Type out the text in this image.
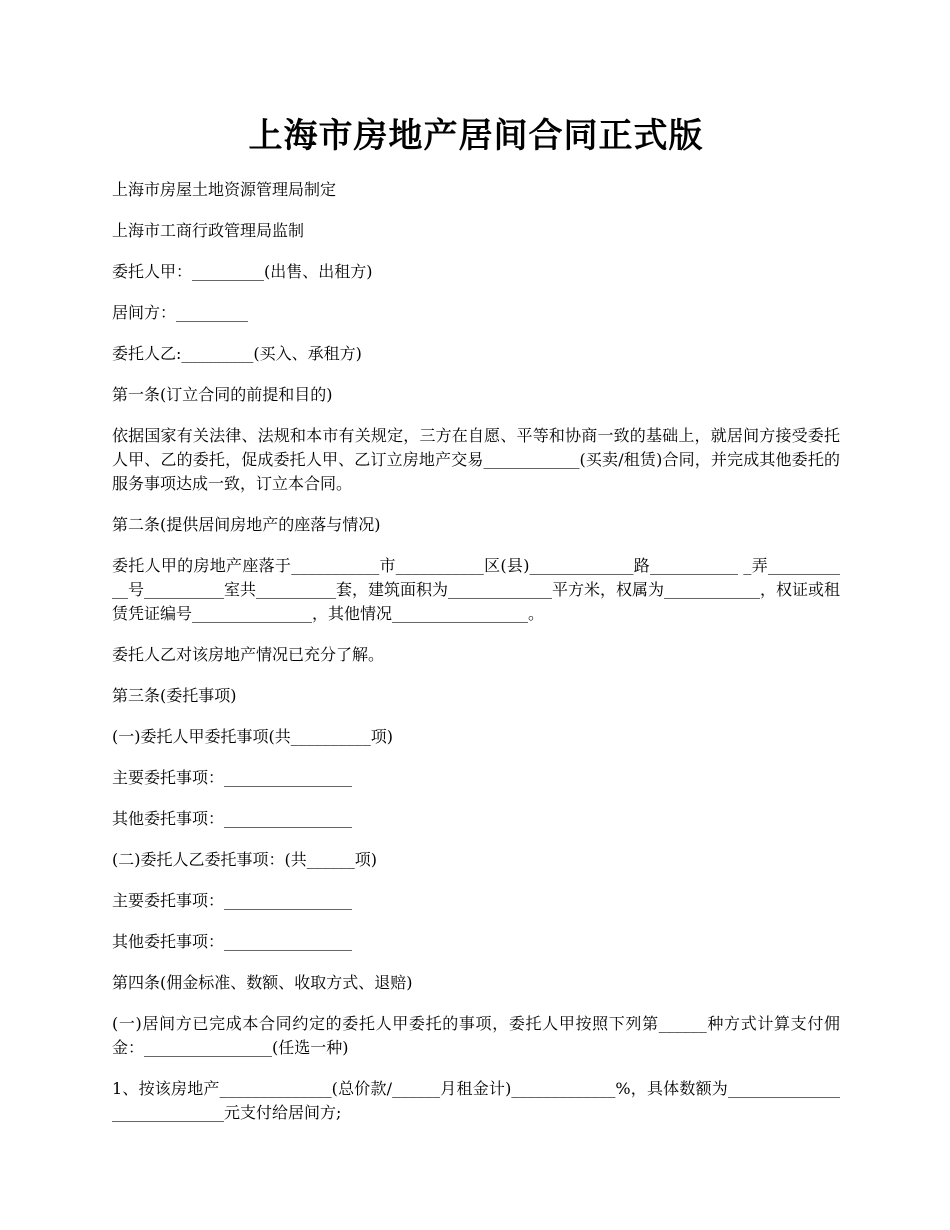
上海市房地产居间合同正式版

上海市房屋土地资源管理局制定

上海市工商行政管理局监制

委托人甲：_________(出售、出租方)

居间方：_________

委托人乙:_________(买入、承租方)

第一条(订立合同的前提和目的)

依据国家有关法律、法规和本市有关规定，三方在自愿、平等和协商一致的基础上，就居间方接受委托人甲、乙的委托，促成委托人甲、乙订立房地产交易____________(买卖/租赁)合同，并完成其他委托的服务事项达成一致，订立本合同。

第二条(提供居间房地产的座落与情况)

委托人甲的房地产座落于___________市___________区(县)_____________路___________ _弄___________号__________室共__________套，建筑面积为_____________平方米，权属为____________，权证或租赁凭证编号_______________，其他情况_________________。

委托人乙对该房地产情况已充分了解。

第三条(委托事项)

(一)委托人甲委托事项(共__________项)

主要委托事项：________________

其他委托事项：________________

(二)委托人乙委托事项：(共______项)

主要委托事项：________________

其他委托事项：________________

第四条(佣金标准、数额、收取方式、退赔)

(一)居间方已完成本合同约定的委托人甲委托的事项，委托人甲按照下列第______种方式计算支付佣金：________________(任选一种)

1、按该房地产______________(总价款/______月租金计)_____________%，具体数额为____________________________元支付给居间方;
